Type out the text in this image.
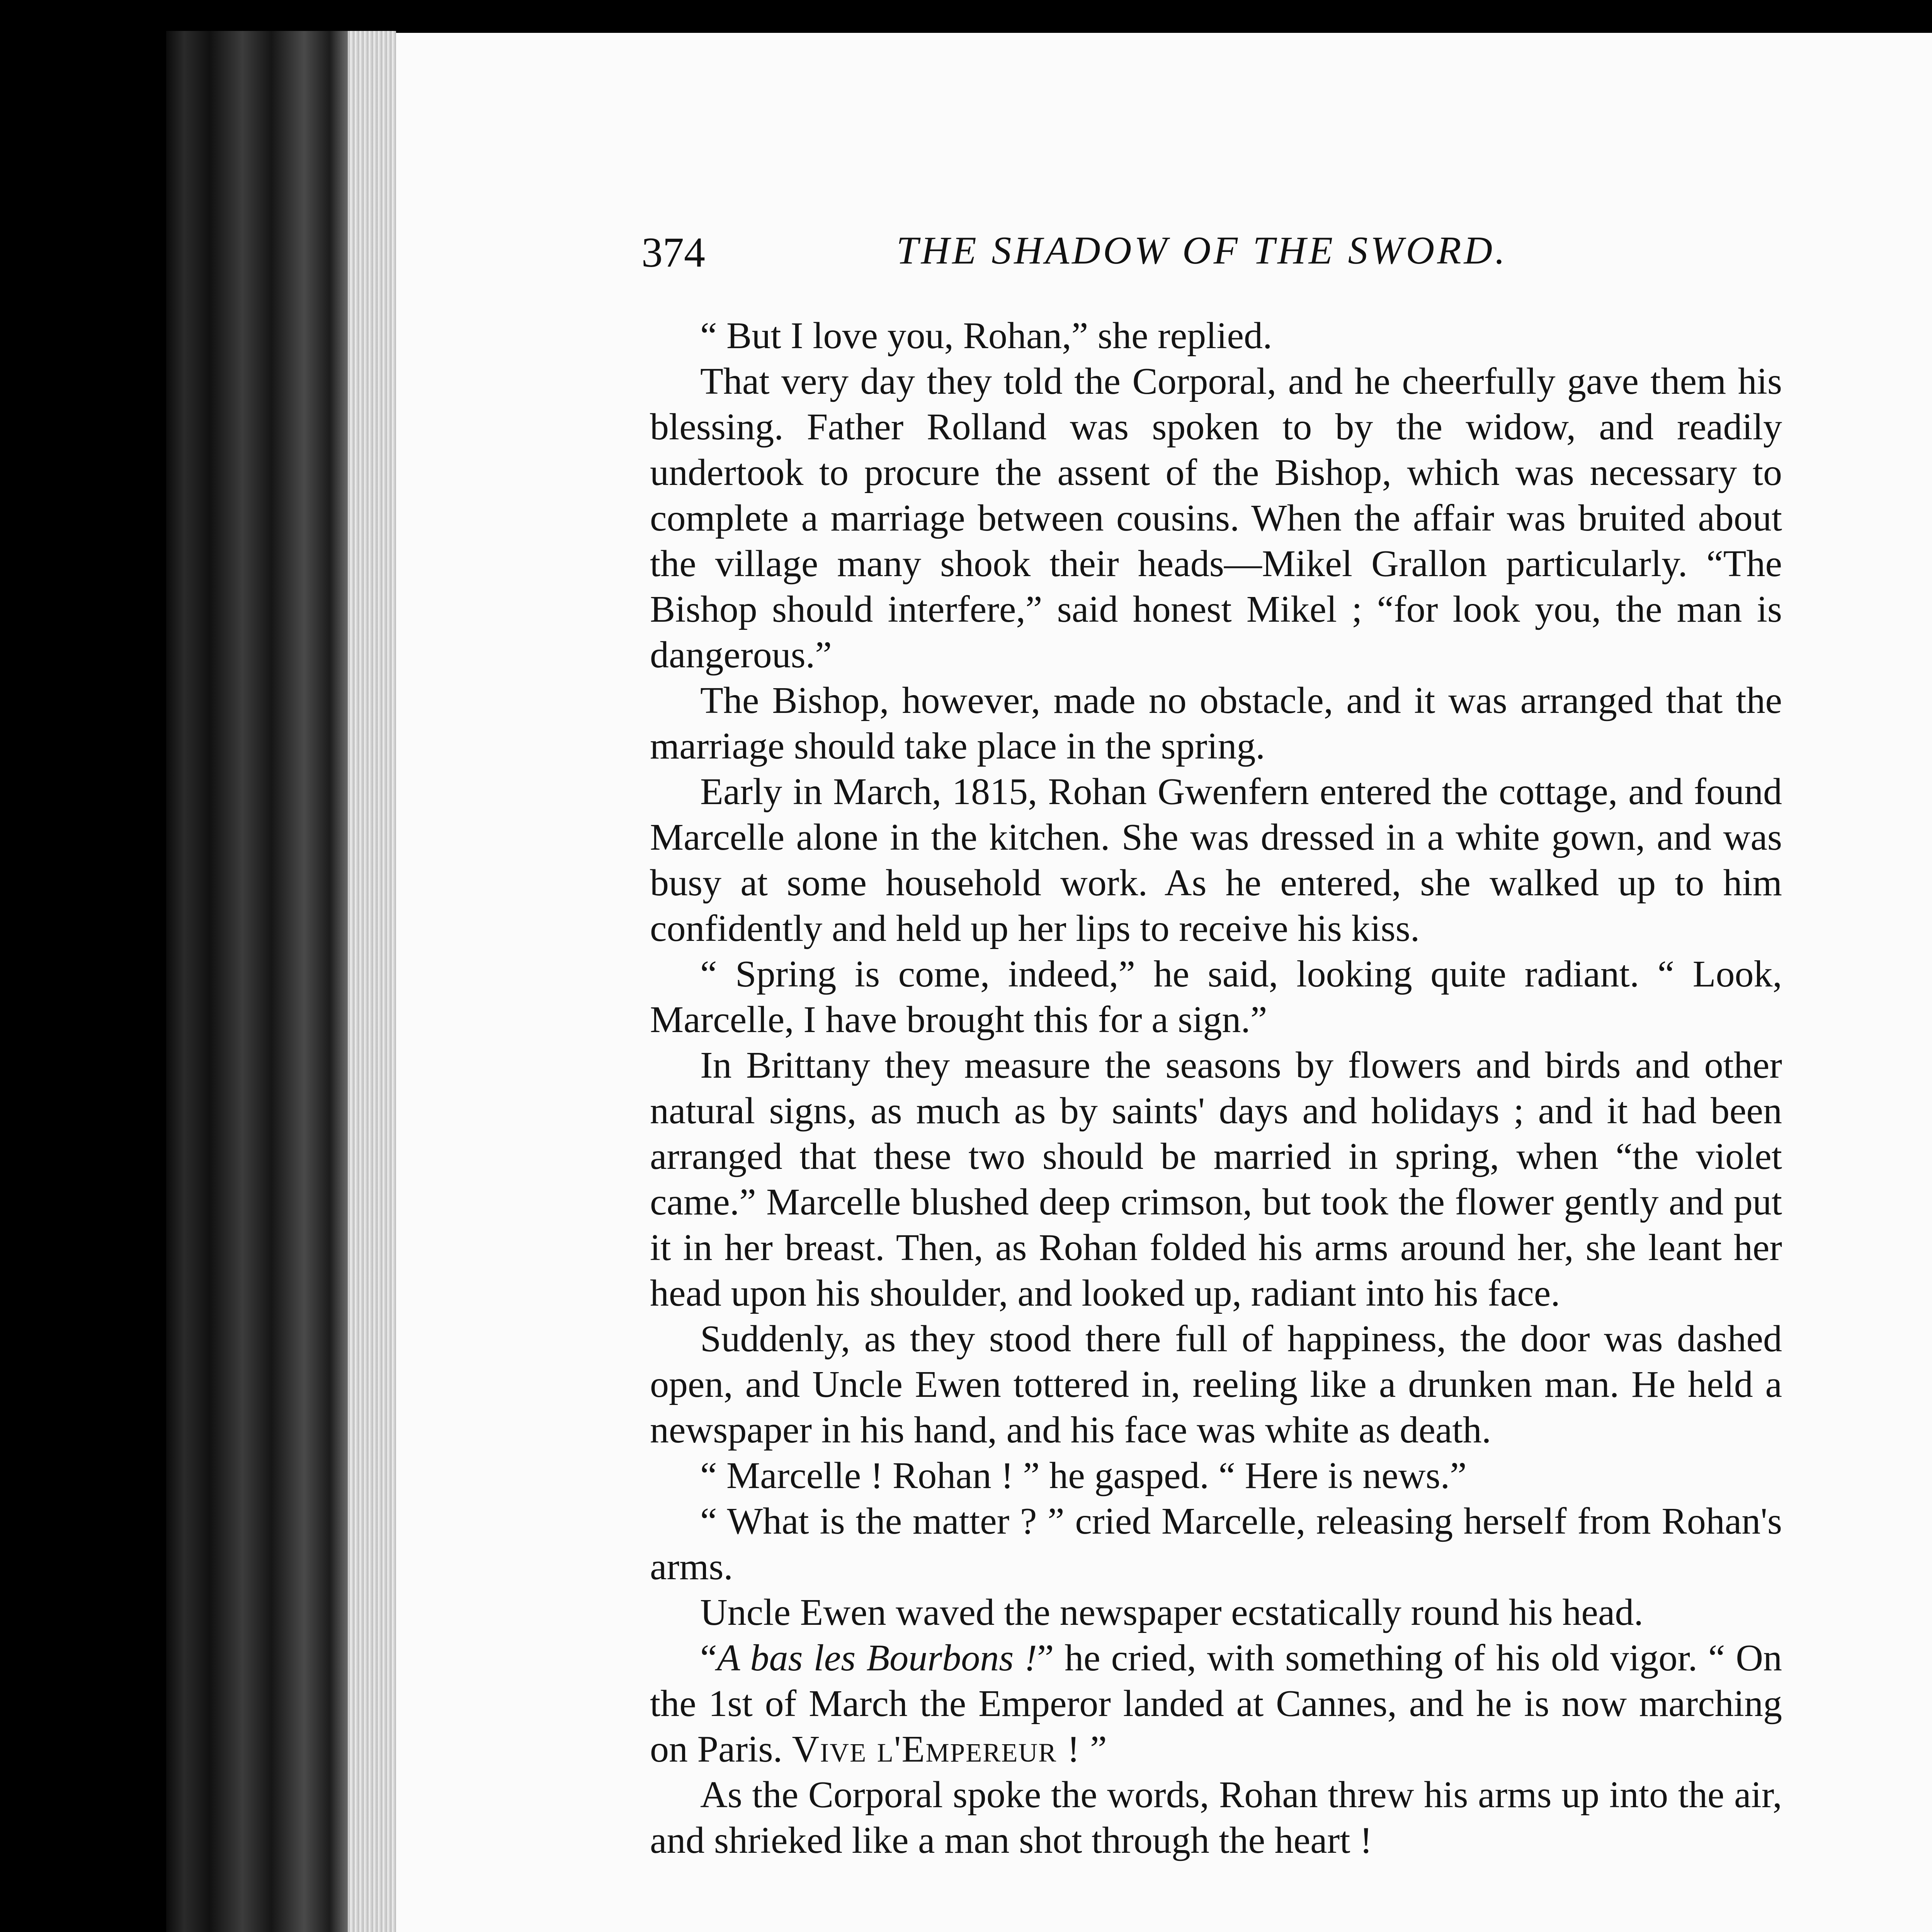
374	THE SHADOW OF THE SWORD.

“ But I love you, Rohan,” she replied.

That very day they told the Corporal, and he cheerfully gave them his blessing. Father Rolland was spoken to by the widow, and readily undertook to procure the assent of the Bishop, which was necessary to complete a marriage between cousins. When the affair was bruited about the village many shook their heads—Mikel Grallon particularly. “The Bishop should interfere,” said honest Mikel ; “for look you, the man is dangerous.”

The Bishop, however, made no obstacle, and it was arranged that the marriage should take place in the spring.

Early in March, 1815, Rohan Gwenfern entered the cottage, and found Marcelle alone in the kitchen. She was dressed in a white gown, and was busy at some household work. As he entered, she walked up to him confidently and held up her lips to receive his kiss.

“ Spring is come, indeed,” he said, looking quite radiant. “ Look, Marcelle, I have brought this for a sign.”

In Brittany they measure the seasons by flowers and birds and other natural signs, as much as by saints' days and holidays ; and it had been arranged that these two should be married in spring, when “the violet came.” Marcelle blushed deep crimson, but took the flower gently and put it in her breast. Then, as Rohan folded his arms around her, she leant her head upon his shoulder, and looked up, radiant into his face.

Suddenly, as they stood there full of happiness, the door was dashed open, and Uncle Ewen tottered in, reeling like a drunken man. He held a newspaper in his hand, and his face was white as death.

“ Marcelle ! Rohan ! ” he gasped. “ Here is news.”

“ What is the matter ? ” cried Marcelle, releasing herself from Rohan's arms.

Uncle Ewen waved the newspaper ecstatically round his head.

“A bas les Bourbons !” he cried, with something of his old vigor. “ On the 1st of March the Emperor landed at Cannes, and he is now marching on Paris. Vive l'Empereur ! ”

As the Corporal spoke the words, Rohan threw his arms up into the air, and shrieked like a man shot through the heart !
